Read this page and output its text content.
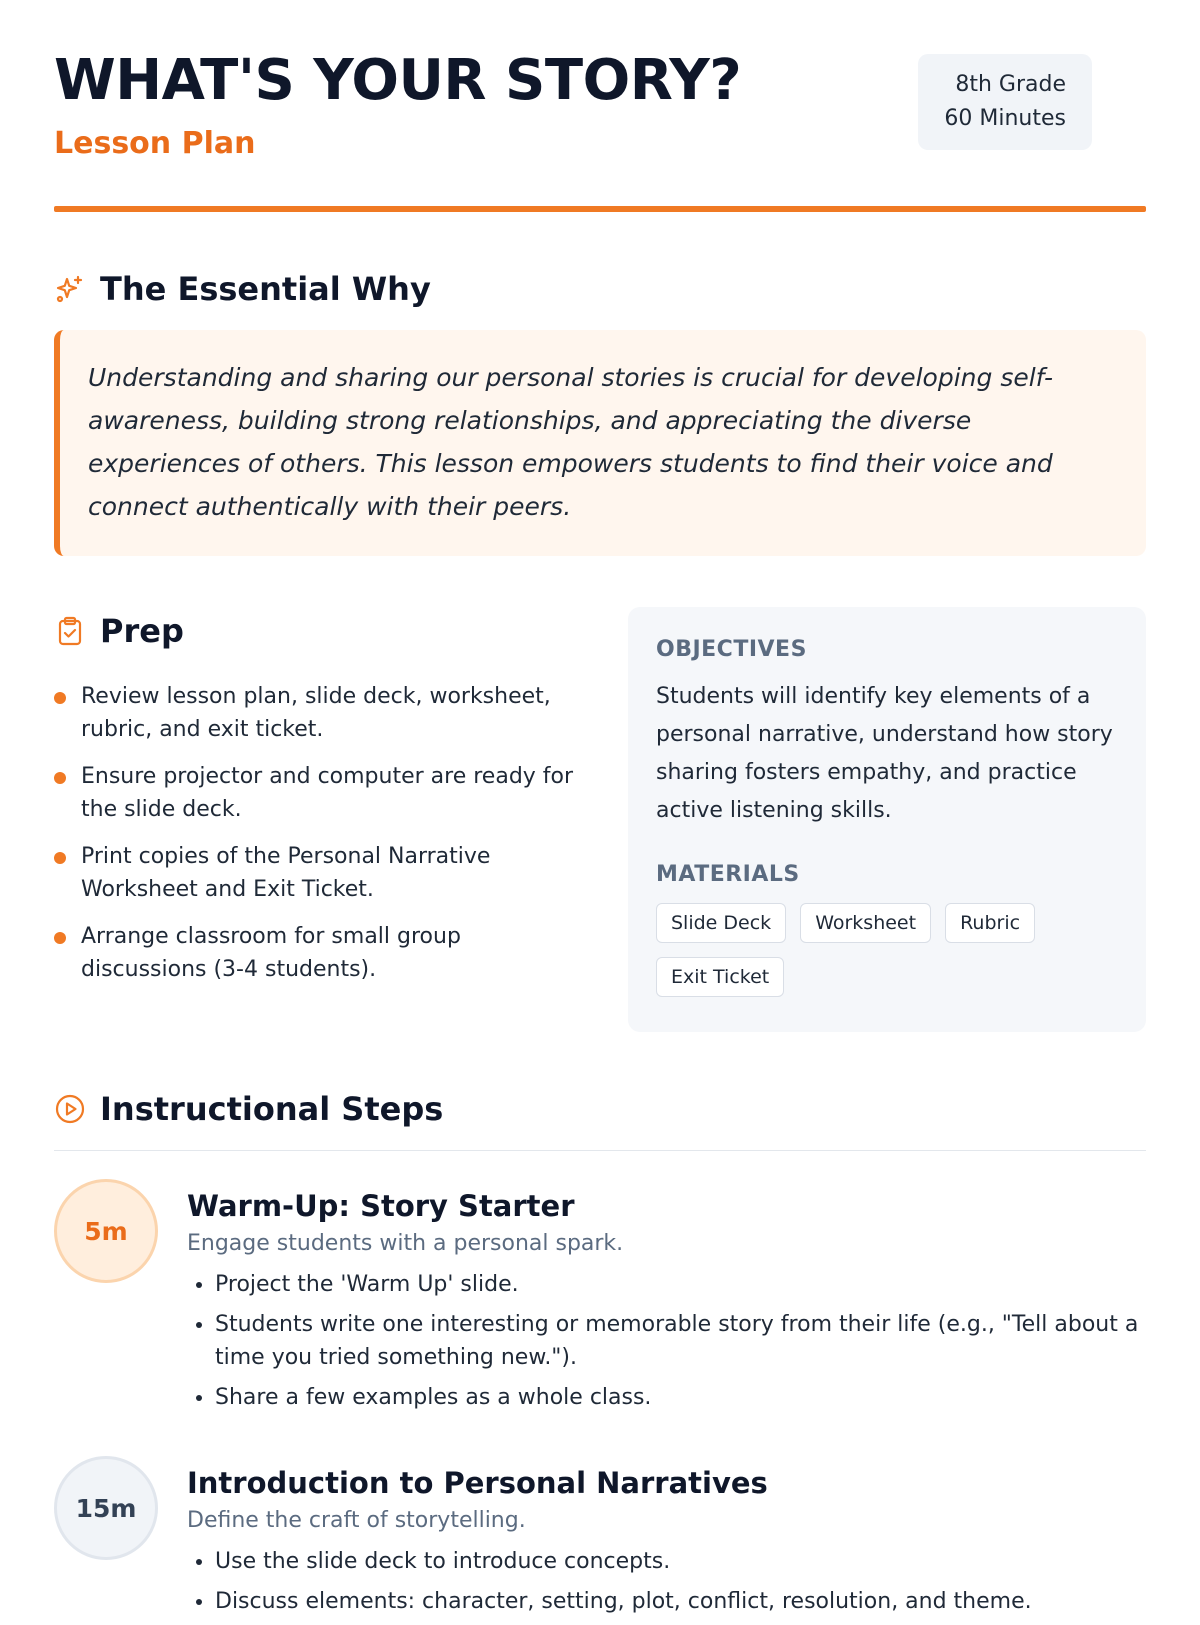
WHAT'S YOUR STORY?
Lesson Plan
8th Grade
60 Minutes
The Essential Why
Understanding and sharing our personal stories is crucial for developing self-awareness, building strong relationships, and appreciating the diverse experiences of others. This lesson empowers students to find their voice and connect authentically with their peers.
Prep
Review lesson plan, slide deck, worksheet, rubric, and exit ticket.
Ensure projector and computer are ready for the slide deck.
Print copies of the Personal Narrative Worksheet and Exit Ticket.
Arrange classroom for small group discussions (3-4 students).
OBJECTIVES

Students will identify key elements of a personal narrative, understand how story sharing fosters empathy, and practice active listening skills.

MATERIALS
Slide Deck	Worksheet	Rubric
Exit Ticket
Instructional Steps
5m
Warm-Up: Story Starter
Engage students with a personal spark.
• Project the 'Warm Up' slide.
• Students write one interesting or memorable story from their life (e.g., "Tell about a time you tried something new.").
• Share a few examples as a whole class.
15m
Introduction to Personal Narratives
Define the craft of storytelling.
• Use the slide deck to introduce concepts.
• Discuss elements: character, setting, plot, conflict, resolution, and theme.
